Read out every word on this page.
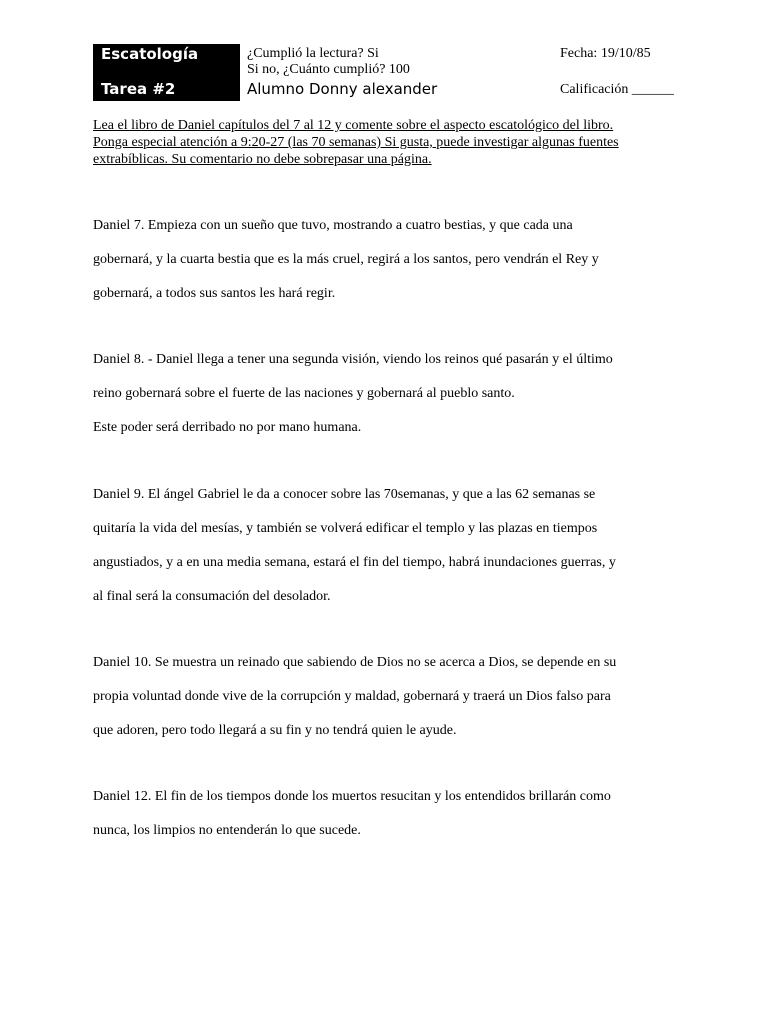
Escatología
Tarea #2
¿Cumplió la lectura? Si
Si no, ¿Cuánto cumplió? 100
Alumno Donny alexander
Fecha: 19/10/85
Calificación ______

Lea el libro de Daniel capítulos del 7 al 12 y comente sobre el aspecto escatológico del libro.
Ponga especial atención a 9:20-27 (las 70 semanas) Si gusta, puede investigar algunas fuentes
extrabíblicas. Su comentario no debe sobrepasar una página.

Daniel 7. Empieza con un sueño que tuvo, mostrando a cuatro bestias, y que cada una
gobernará, y la cuarta bestia que es la más cruel, regirá a los santos, pero vendrán el Rey y
gobernará, a todos sus santos les hará regir.
Daniel 8. - Daniel llega a tener una segunda visión, viendo los reinos qué pasarán y el último
reino gobernará sobre el fuerte de las naciones y gobernará al pueblo santo.
Este poder será derribado no por mano humana.
Daniel 9. El ángel Gabriel le da a conocer sobre las 70semanas, y que a las 62 semanas se
quitaría la vida del mesías, y también se volverá edificar el templo y las plazas en tiempos
angustiados, y a en una media semana, estará el fin del tiempo, habrá inundaciones guerras, y
al final será la consumación del desolador.
Daniel 10. Se muestra un reinado que sabiendo de Dios no se acerca a Dios, se depende en su
propia voluntad donde vive de la corrupción y maldad, gobernará y traerá un Dios falso para
que adoren, pero todo llegará a su fin y no tendrá quien le ayude.
Daniel 12. El fin de los tiempos donde los muertos resucitan y los entendidos brillarán como
nunca, los limpios no entenderán lo que sucede.
